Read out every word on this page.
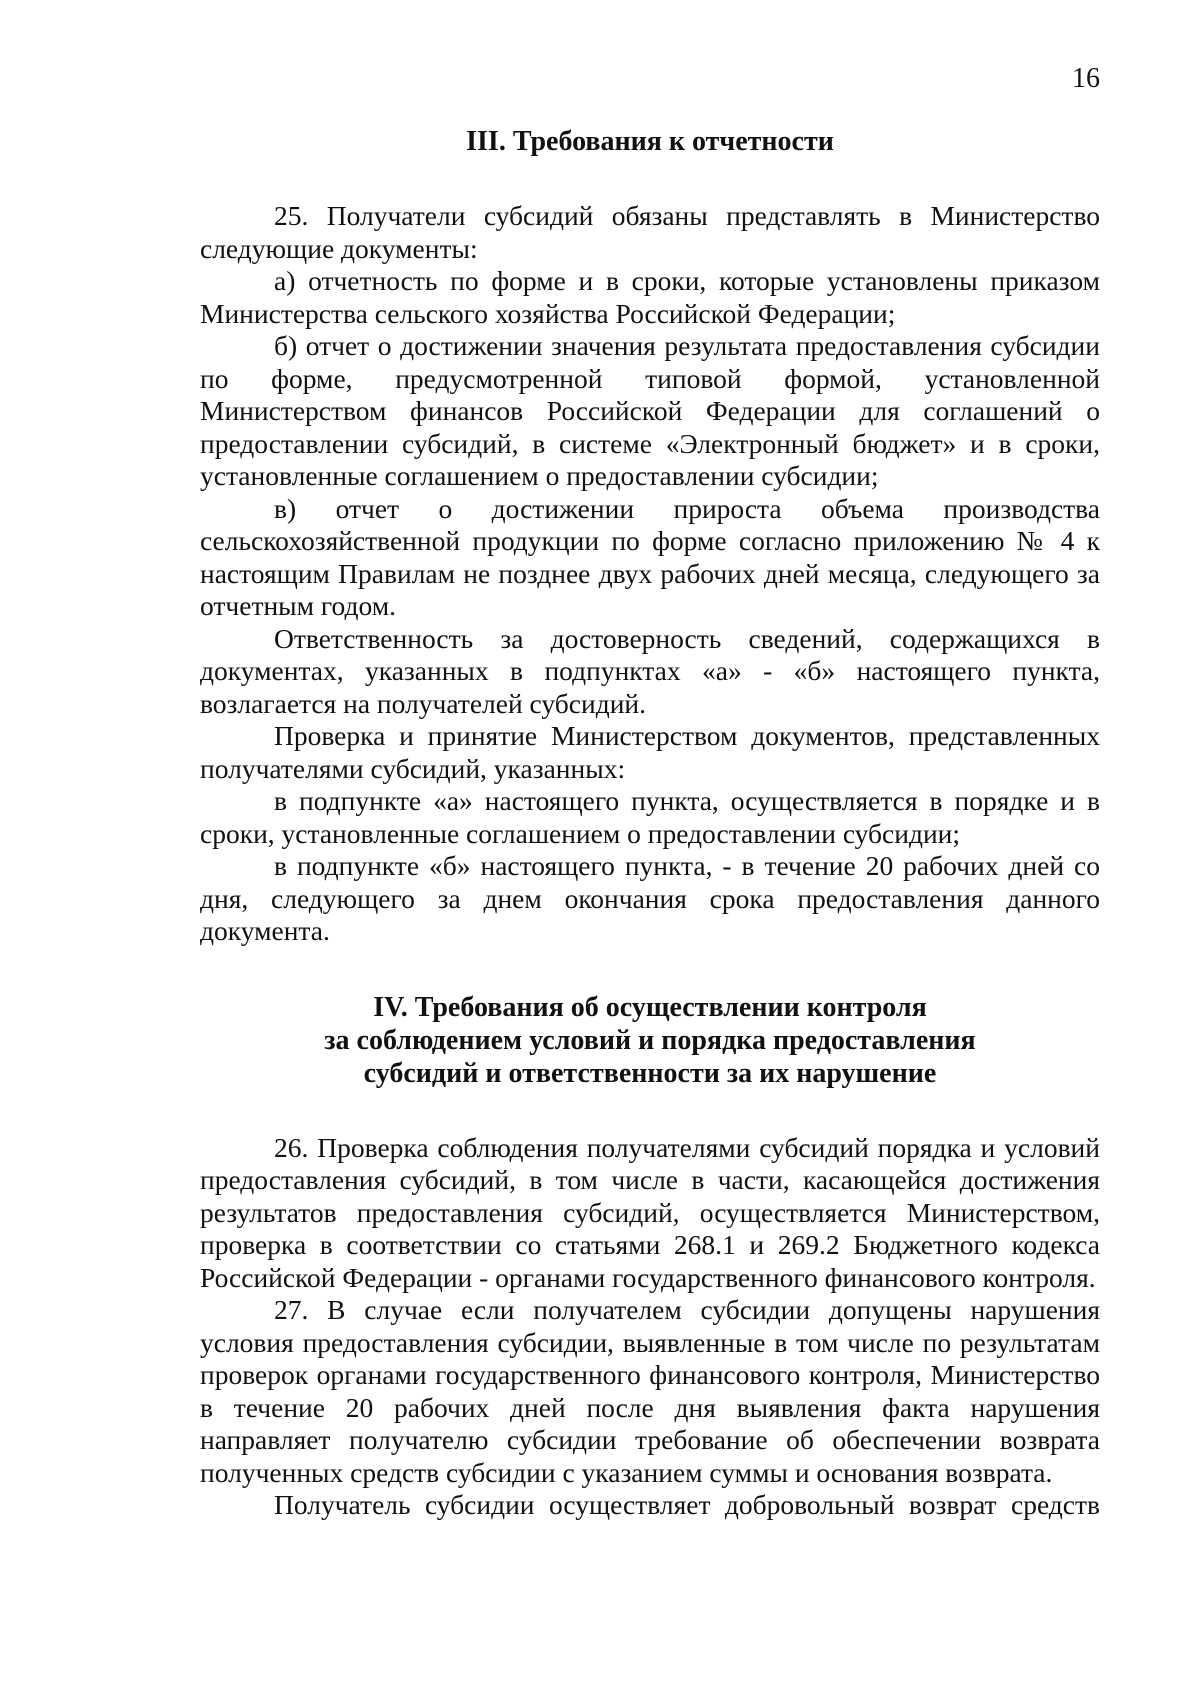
16
III. Требования к отчетности

25. Получатели субсидий обязаны представлять в Министерство следующие документы:

а) отчетность по форме и в сроки, которые установлены приказом Министерства сельского хозяйства Российской Федерации;

б) отчет о достижении значения результата предоставления субсидии по форме, предусмотренной типовой формой, установленной Министерством финансов Российской Федерации для соглашений о предоставлении субсидий, в системе «Электронный бюджет» и в сроки, установленные соглашением о предоставлении субсидии;

в) отчет о достижении прироста объема производства сельскохозяйственной продукции по форме согласно приложению № 4 к настоящим Правилам не позднее двух рабочих дней месяца, следующего за отчетным годом.

Ответственность за достоверность сведений, содержащихся в документах, указанных в подпунктах «а» - «б» настоящего пункта, возлагается на получателей субсидий.

Проверка и принятие Министерством документов, представленных получателями субсидий, указанных:

в подпункте «а» настоящего пункта, осуществляется в порядке и в сроки, установленные соглашением о предоставлении субсидии;

в подпункте «б» настоящего пункта, - в течение 20 рабочих дней со дня, следующего за днем окончания срока предоставления данного документа.

IV. Требования об осуществлении контроля
за соблюдением условий и порядка предоставления
субсидий и ответственности за их нарушение

26. Проверка соблюдения получателями субсидий порядка и условий предоставления субсидий, в том числе в части, касающейся достижения результатов предоставления субсидий, осуществляется Министерством, проверка в соответствии со статьями 268.1 и 269.2 Бюджетного кодекса Российской Федерации - органами государственного финансового контроля.

27. В случае если получателем субсидии допущены нарушения условия предоставления субсидии, выявленные в том числе по результатам проверок органами государственного финансового контроля, Министерство в течение 20 рабочих дней после дня выявления факта нарушения направляет получателю субсидии требование об обеспечении возврата полученных средств субсидии с указанием суммы и основания возврата.

Получатель субсидии осуществляет добровольный возврат средств
